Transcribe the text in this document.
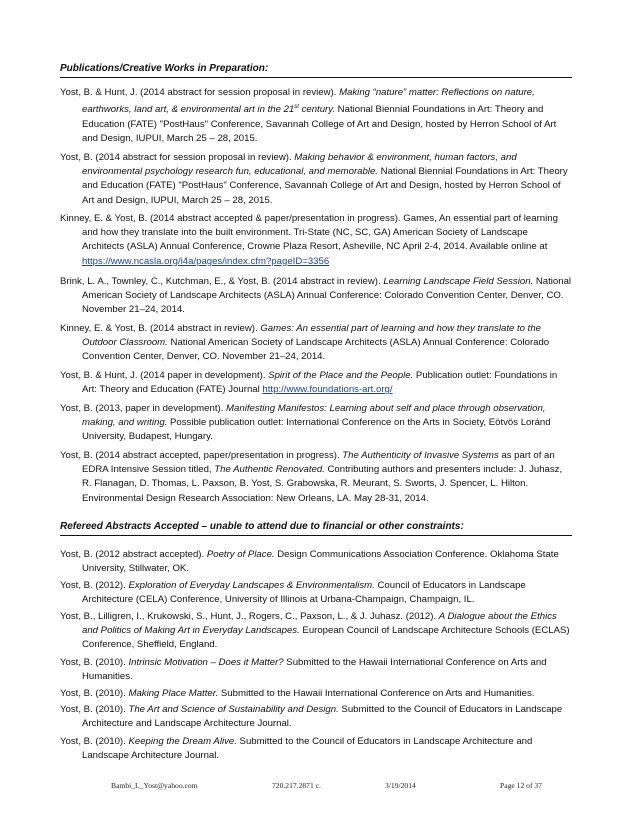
Publications/Creative Works in Preparation:
Yost, B. & Hunt, J. (2014 abstract for session proposal in review). Making “nature” matter: Reflections on nature, earthworks, land art, & environmental art in the 21st century. National Biennial Foundations in Art: Theory and Education (FATE) "PostHaus" Conference, Savannah College of Art and Design, hosted by Herron School of Art and Design, IUPUI, March 25 – 28, 2015.
Yost, B. (2014 abstract for session proposal in review). Making behavior & environment, human factors, and environmental psychology research fun, educational, and memorable. National Biennial Foundations in Art: Theory and Education (FATE) "PostHaus" Conference, Savannah College of Art and Design, hosted by Herron School of Art and Design, IUPUI, March 25 – 28, 2015.
Kinney, E. & Yost, B. (2014 abstract accepted & paper/presentation in progress). Games, An essential part of learning and how they translate into the built environment. Tri-State (NC, SC, GA) American Society of Landscape Architects (ASLA) Annual Conference, Crowne Plaza Resort, Asheville, NC April 2-4, 2014. Available online at https://www.ncasla.org/i4a/pages/index.cfm?pageID=3356
Brink, L. A., Townley, C., Kutchman, E., & Yost, B. (2014 abstract in review). Learning Landscape Field Session. National American Society of Landscape Architects (ASLA) Annual Conference: Colorado Convention Center, Denver, CO. November 21–24, 2014.
Kinney, E. & Yost, B. (2014 abstract in review). Games: An essential part of learning and how they translate to the Outdoor Classroom. National American Society of Landscape Architects (ASLA) Annual Conference: Colorado Convention Center, Denver, CO. November 21–24, 2014.
Yost, B. & Hunt, J. (2014 paper in development). Spirit of the Place and the People. Publication outlet: Foundations in Art: Theory and Education (FATE) Journal http://www.foundations-art.org/
Yost, B. (2013, paper in development). Manifesting Manifestos: Learning about self and place through observation, making, and writing. Possible publication outlet: International Conference on the Arts in Society, Eötvös Loránd University, Budapest, Hungary.
Yost, B. (2014 abstract accepted, paper/presentation in progress). The Authenticity of Invasive Systems as part of an EDRA Intensive Session titled, The Authentic Renovated. Contributing authors and presenters include: J. Juhasz, R. Flanagan, D. Thomas, L. Paxson, B. Yost, S. Grabowska, R. Meurant, S. Sworts, J. Spencer, L. Hilton. Environmental Design Research Association: New Orleans, LA. May 28-31, 2014.
Refereed Abstracts Accepted – unable to attend due to financial or other constraints:
Yost, B. (2012 abstract accepted). Poetry of Place. Design Communications Association Conference. Oklahoma State University, Stillwater, OK.
Yost, B. (2012). Exploration of Everyday Landscapes & Environmentalism. Council of Educators in Landscape Architecture (CELA) Conference, University of Illinois at Urbana-Champaign, Champaign, IL.
Yost, B., Lilligren, I., Krukowski, S., Hunt, J., Rogers, C., Paxson, L., & J. Juhasz. (2012). A Dialogue about the Ethics and Politics of Making Art in Everyday Landscapes. European Council of Landscape Architecture Schools (ECLAS) Conference, Sheffield, England.
Yost, B. (2010). Intrinsic Motivation – Does it Matter? Submitted to the Hawaii International Conference on Arts and Humanities.
Yost, B. (2010). Making Place Matter. Submitted to the Hawaii International Conference on Arts and Humanities.
Yost, B. (2010). The Art and Science of Sustainability and Design. Submitted to the Council of Educators in Landscape Architecture and Landscape Architecture Journal.
Yost, B. (2010). Keeping the Dream Alive. Submitted to the Council of Educators in Landscape Architecture and Landscape Architecture Journal.
Bambi_L_Yost@yahoo.com	720.217.2871 c.	3/19/2014	Page 12 of 37
